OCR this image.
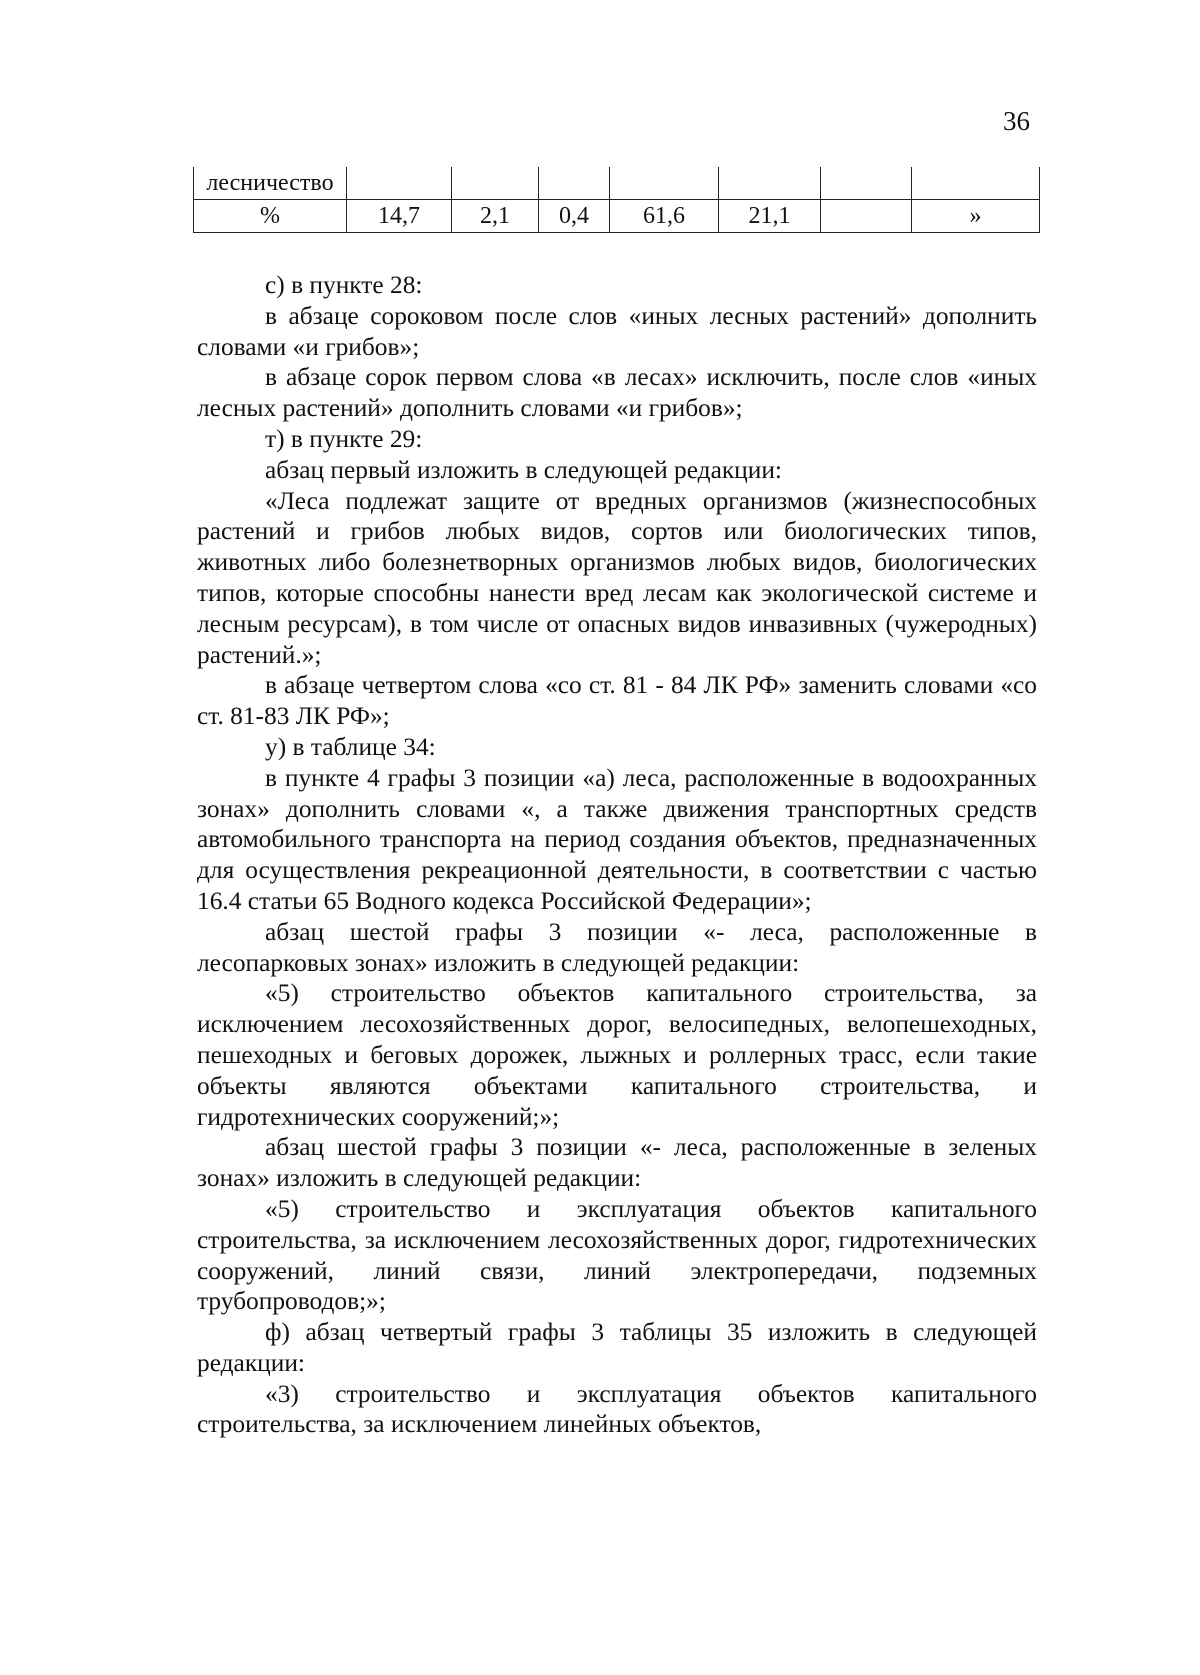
36
лесничество							
%	14,7	2,1	0,4	61,6	21,1		»

с) в пункте 28:

в абзаце сороковом после слов «иных лесных растений» дополнить словами «и грибов»;

в абзаце сорок первом слова «в лесах» исключить, после слов «иных лесных растений» дополнить словами «и грибов»;

т) в пункте 29:

абзац первый изложить в следующей редакции:

«Леса подлежат защите от вредных организмов (жизнеспособных растений и грибов любых видов, сортов или биологических типов, животных либо болезнетворных организмов любых видов, биологических типов, которые способны нанести вред лесам как экологической системе и лесным ресурсам), в том числе от опасных видов инвазивных (чужеродных) растений.»;

в абзаце четвертом слова «со ст. 81 - 84 ЛК РФ» заменить словами «со ст. 81-83 ЛК РФ»;

у) в таблице 34:

в пункте 4 графы 3 позиции «а) леса, расположенные в водоохранных зонах» дополнить словами «, а также движения транспортных средств автомобильного транспорта на период создания объектов, предназначенных для осуществления рекреационной деятельности, в соответствии с частью 16.4 статьи 65 Водного кодекса Российской Федерации»;

абзац шестой графы 3 позиции «- леса, расположенные в лесопарковых зонах» изложить в следующей редакции:

«5) строительство объектов капитального строительства, за исключением лесохозяйственных дорог, велосипедных, велопешеходных, пешеходных и беговых дорожек, лыжных и роллерных трасс, если такие объекты являются объектами капитального строительства, и гидротехнических сооружений;»;

абзац шестой графы 3 позиции «- леса, расположенные в зеленых зонах» изложить в следующей редакции:

«5) строительство и эксплуатация объектов капитального строительства, за исключением лесохозяйственных дорог, гидротехнических сооружений, линий связи, линий электропередачи, подземных трубопроводов;»;

ф) абзац четвертый графы 3 таблицы 35 изложить в следующей редакции:

«3) строительство и эксплуатация объектов капитального строительства, за исключением линейных объектов,
